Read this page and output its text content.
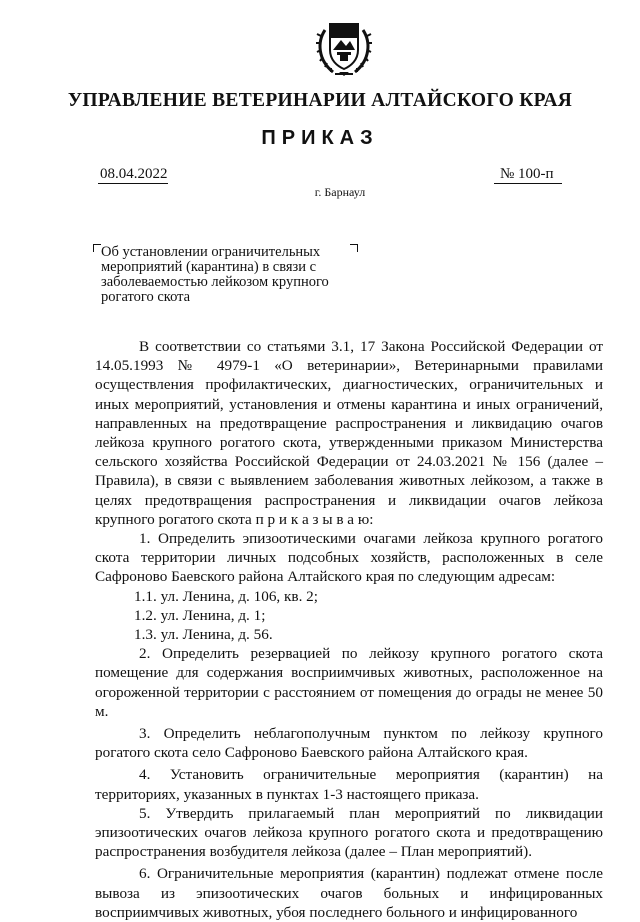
УПРАВЛЕНИЕ ВЕТЕРИНАРИИ АЛТАЙСКОГО КРАЯ
ПРИКАЗ
08.04.2022	№ 100-п
г. Барнаул
Об установлении ограничительных
мероприятий (карантина) в связи с
заболеваемостью лейкозом крупного
рогатого скота

В соответствии со статьями 3.1, 17 Закона Российской Федерации от 14.05.1993 № 4979-1 «О ветеринарии», Ветеринарными правилами осуществления профилактических, диагностических, ограничительных и иных мероприятий, установления и отмены карантина и иных ограничений, направленных на предотвращение распространения и ликвидацию очагов лейкоза крупного рогатого скота, утвержденными приказом Министерства сельского хозяйства Российской Федерации от 24.03.2021 № 156 (далее – Правила), в связи с выявлением заболевания животных лейкозом, а также в целях предотвращения распространения и ликвидации очагов лейкоза крупного рогатого скота п р и к а з ы в а ю:

1. Определить эпизоотическими очагами лейкоза крупного рогатого скота территории личных подсобных хозяйств, расположенных в селе Сафроново Баевского района Алтайского края по следующим адресам:

1.1. ул. Ленина, д. 106, кв. 2;

1.2. ул. Ленина, д. 1;

1.3. ул. Ленина, д. 56.

2. Определить резервацией по лейкозу крупного рогатого скота помещение для содержания восприимчивых животных, расположенное на огороженной территории с расстоянием от помещения до ограды не менее 50 м.

3. Определить неблагополучным пунктом по лейкозу крупного рогатого скота село Сафроново Баевского района Алтайского края.

4. Установить ограничительные мероприятия (карантин) на территориях, указанных в пунктах 1-3 настоящего приказа.

5. Утвердить прилагаемый план мероприятий по ликвидации эпизоотических очагов лейкоза крупного рогатого скота и предотвращению распространения возбудителя лейкоза (далее – План мероприятий).

6. Ограничительные мероприятия (карантин) подлежат отмене после вывоза из эпизоотических очагов больных и инфицированных восприимчивых животных, убоя последнего больного и инфицированного
